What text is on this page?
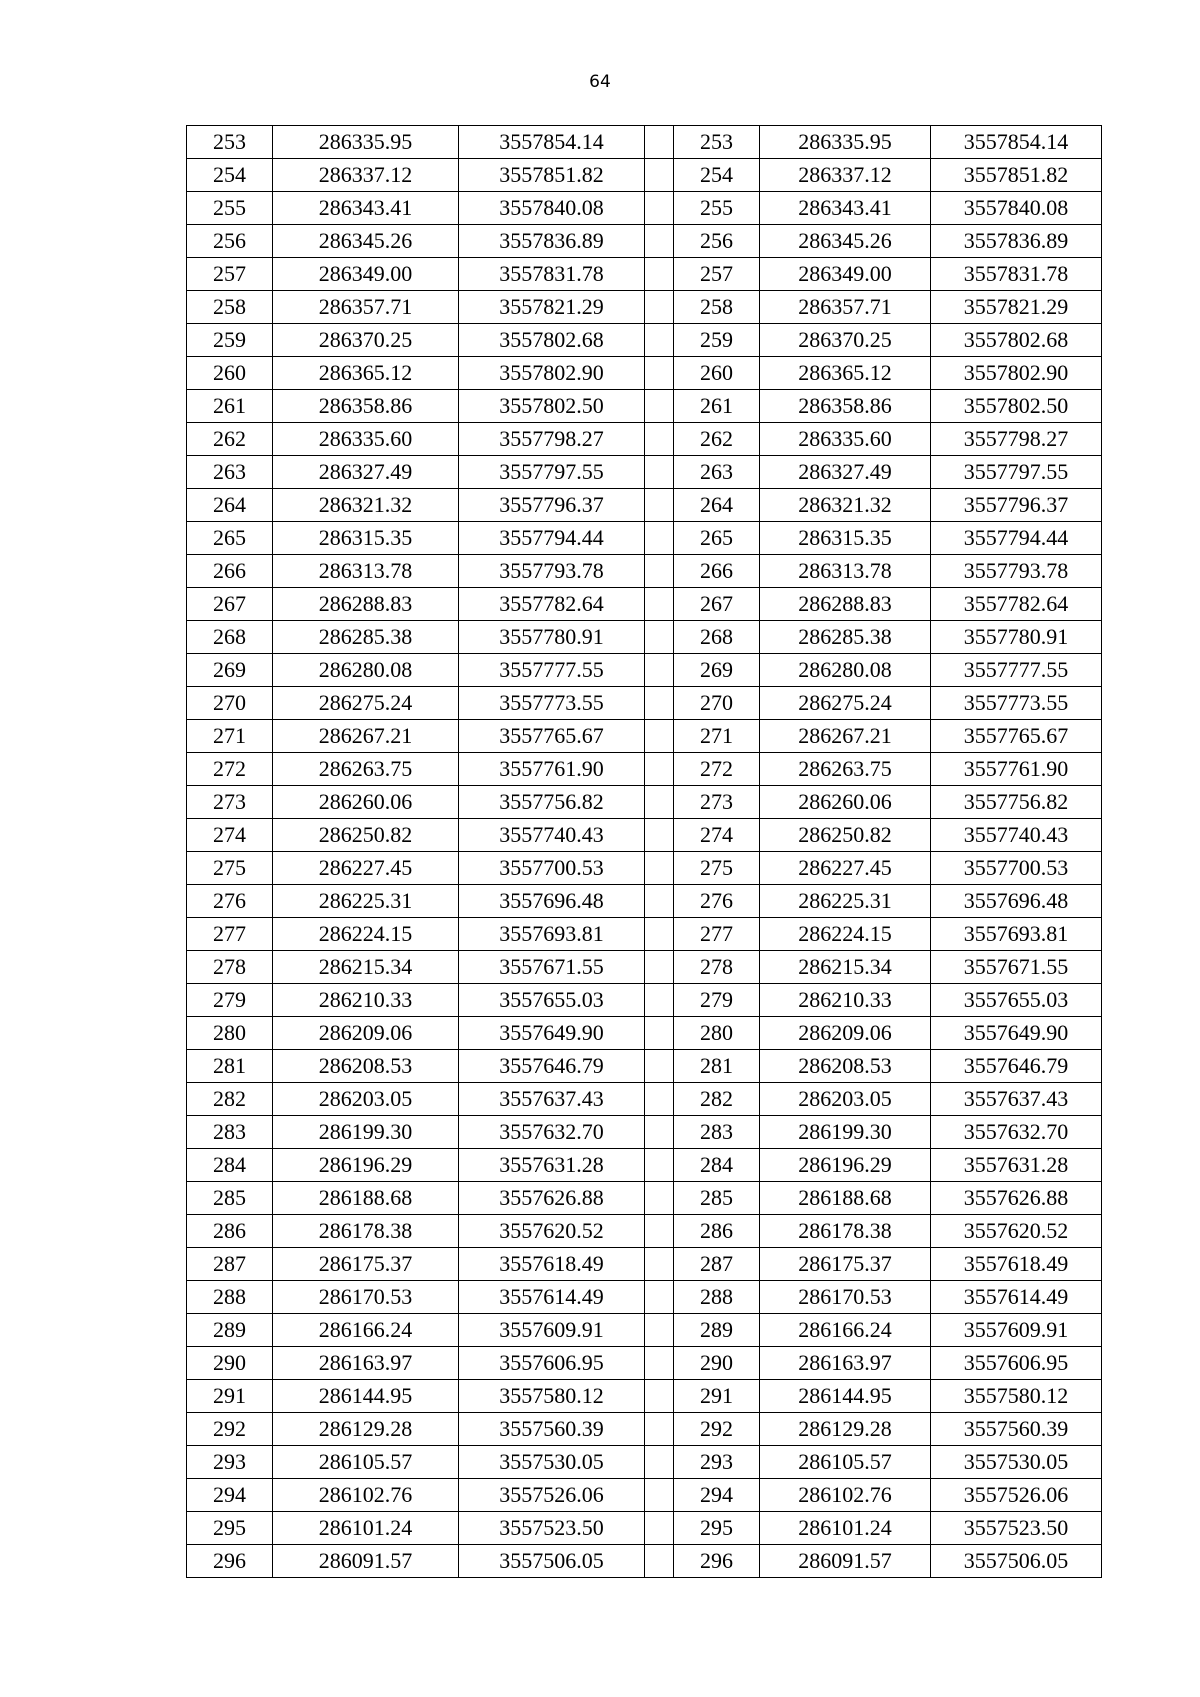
64
253	286335.95	3557854.14		253	286335.95	3557854.14
254	286337.12	3557851.82		254	286337.12	3557851.82
255	286343.41	3557840.08		255	286343.41	3557840.08
256	286345.26	3557836.89		256	286345.26	3557836.89
257	286349.00	3557831.78		257	286349.00	3557831.78
258	286357.71	3557821.29		258	286357.71	3557821.29
259	286370.25	3557802.68		259	286370.25	3557802.68
260	286365.12	3557802.90		260	286365.12	3557802.90
261	286358.86	3557802.50		261	286358.86	3557802.50
262	286335.60	3557798.27		262	286335.60	3557798.27
263	286327.49	3557797.55		263	286327.49	3557797.55
264	286321.32	3557796.37		264	286321.32	3557796.37
265	286315.35	3557794.44		265	286315.35	3557794.44
266	286313.78	3557793.78		266	286313.78	3557793.78
267	286288.83	3557782.64		267	286288.83	3557782.64
268	286285.38	3557780.91		268	286285.38	3557780.91
269	286280.08	3557777.55		269	286280.08	3557777.55
270	286275.24	3557773.55		270	286275.24	3557773.55
271	286267.21	3557765.67		271	286267.21	3557765.67
272	286263.75	3557761.90		272	286263.75	3557761.90
273	286260.06	3557756.82		273	286260.06	3557756.82
274	286250.82	3557740.43		274	286250.82	3557740.43
275	286227.45	3557700.53		275	286227.45	3557700.53
276	286225.31	3557696.48		276	286225.31	3557696.48
277	286224.15	3557693.81		277	286224.15	3557693.81
278	286215.34	3557671.55		278	286215.34	3557671.55
279	286210.33	3557655.03		279	286210.33	3557655.03
280	286209.06	3557649.90		280	286209.06	3557649.90
281	286208.53	3557646.79		281	286208.53	3557646.79
282	286203.05	3557637.43		282	286203.05	3557637.43
283	286199.30	3557632.70		283	286199.30	3557632.70
284	286196.29	3557631.28		284	286196.29	3557631.28
285	286188.68	3557626.88		285	286188.68	3557626.88
286	286178.38	3557620.52		286	286178.38	3557620.52
287	286175.37	3557618.49		287	286175.37	3557618.49
288	286170.53	3557614.49		288	286170.53	3557614.49
289	286166.24	3557609.91		289	286166.24	3557609.91
290	286163.97	3557606.95		290	286163.97	3557606.95
291	286144.95	3557580.12		291	286144.95	3557580.12
292	286129.28	3557560.39		292	286129.28	3557560.39
293	286105.57	3557530.05		293	286105.57	3557530.05
294	286102.76	3557526.06		294	286102.76	3557526.06
295	286101.24	3557523.50		295	286101.24	3557523.50
296	286091.57	3557506.05		296	286091.57	3557506.05
